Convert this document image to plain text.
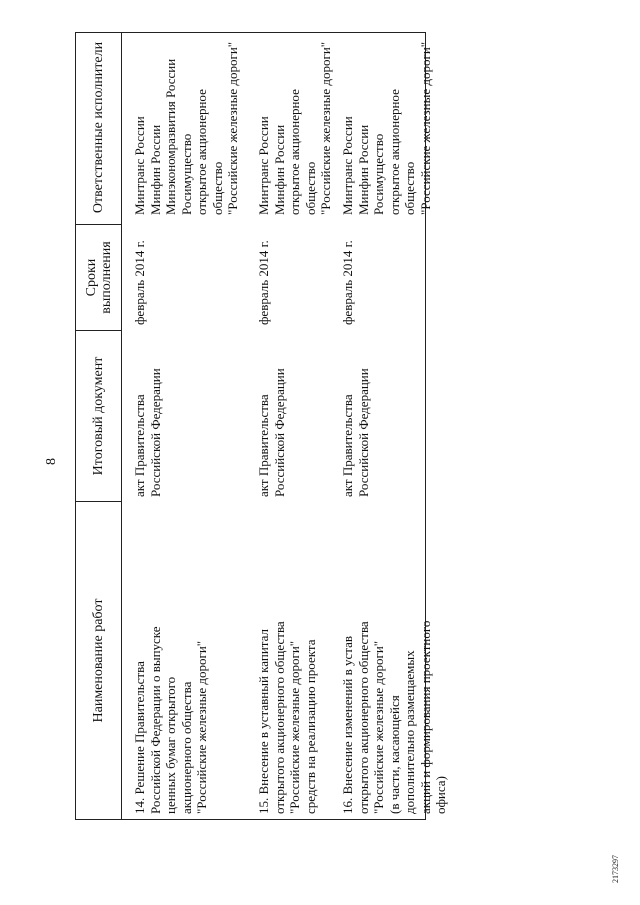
8
Наименование работ
Итоговый документ
Сроки
выполнения
Ответственные исполнители
14. Решение Правительства
Российской Федерации о выпуске
ценных бумаг открытого
акционерного общества
"Российские железные дороги"
акт Правительства
Российской Федерации
февраль 2014 г.
Минтранс России
Минфин России
Минэкономразвития России
Росимущество
открытое акционерное общество
"Российские железные дороги"
15. Внесение в уставный капитал
открытого акционерного общества
"Российские железные дороги"
средств на реализацию проекта
акт Правительства
Российской Федерации
февраль 2014 г.
Минтранс России
Минфин России
открытое акционерное общество
"Российские железные дороги"
16. Внесение изменений в устав
открытого акционерного общества
"Российские железные дороги"
(в части, касающейся
дополнительно размещаемых
акций и формирования проектного
офиса)
акт Правительства
Российской Федерации
февраль 2014 г.
Минтранс России
Минфин России
Росимущество
открытое акционерное общество
"Российские железные дороги"
2173297
